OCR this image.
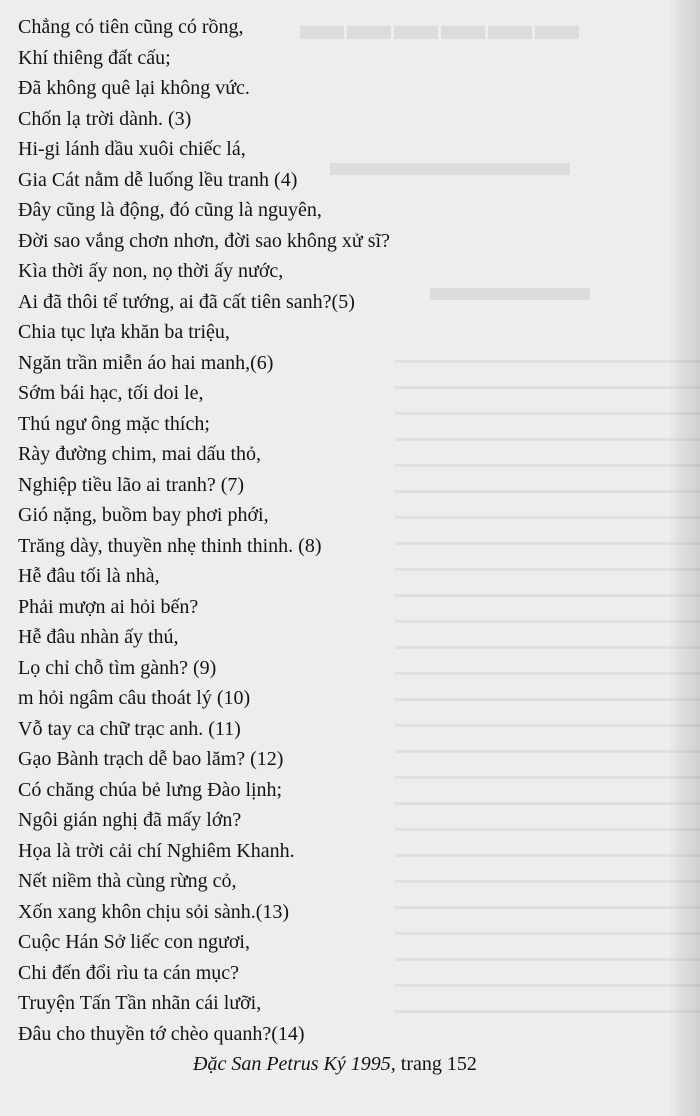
▬▬▬▬▬▬
▬▬▬▬▬▬
▬▬▬▬
Chẳng có tiên cũng có rồng,
Khí thiêng đất cấu;
Đã không quê lại không vức.
Chốn lạ trời dành. (3)
Hi-gi lánh dầu xuôi chiếc lá,
Gia Cát nằm dễ luống lều tranh (4)
Đây cũng là động, đó cũng là nguyên,
Đời sao vắng chơn nhơn, đời sao không xử sĩ?
Kìa thời ấy non, nọ thời ấy nước,
Ai đã thôi tể tướng, ai đã cất tiên sanh?(5)
Chia tục lựa khăn ba triệu,
Ngăn trần miễn áo hai manh,(6)
Sớm bái hạc, tối doi le,
Thú ngư ông mặc thích;
Rày đường chim, mai dấu thỏ,
Nghiệp tiều lão ai tranh? (7)
Gió nặng, buồm bay phơi phới,
Trăng dày, thuyền nhẹ thinh thinh. (8)
Hễ đâu tối là nhà,
Phải mượn ai hỏi bến?
Hễ đâu nhàn ấy thú,
Lọ chỉ chỗ tìm gành? (9)
m hỏi ngâm câu thoát lý (10)
Vỗ tay ca chữ trạc anh. (11)
Gạo Bành trạch dễ bao lăm? (12)
Có chăng chúa bẻ lưng Đào lịnh;
Ngôi gián nghị đã mấy lớn?
Họa là trời cải chí Nghiêm Khanh.
Nết niềm thà cùng rừng cỏ,
Xốn xang khôn chịu sỏi sành.(13)
Cuộc Hán Sở liếc con ngươi,
Chi đến đổi rìu ta cán mục?
Truyện Tấn Tần nhãn cái lưỡi,
Đâu cho thuyền tớ chèo quanh?(14)
Đặc San Petrus Ký 1995, trang 152
